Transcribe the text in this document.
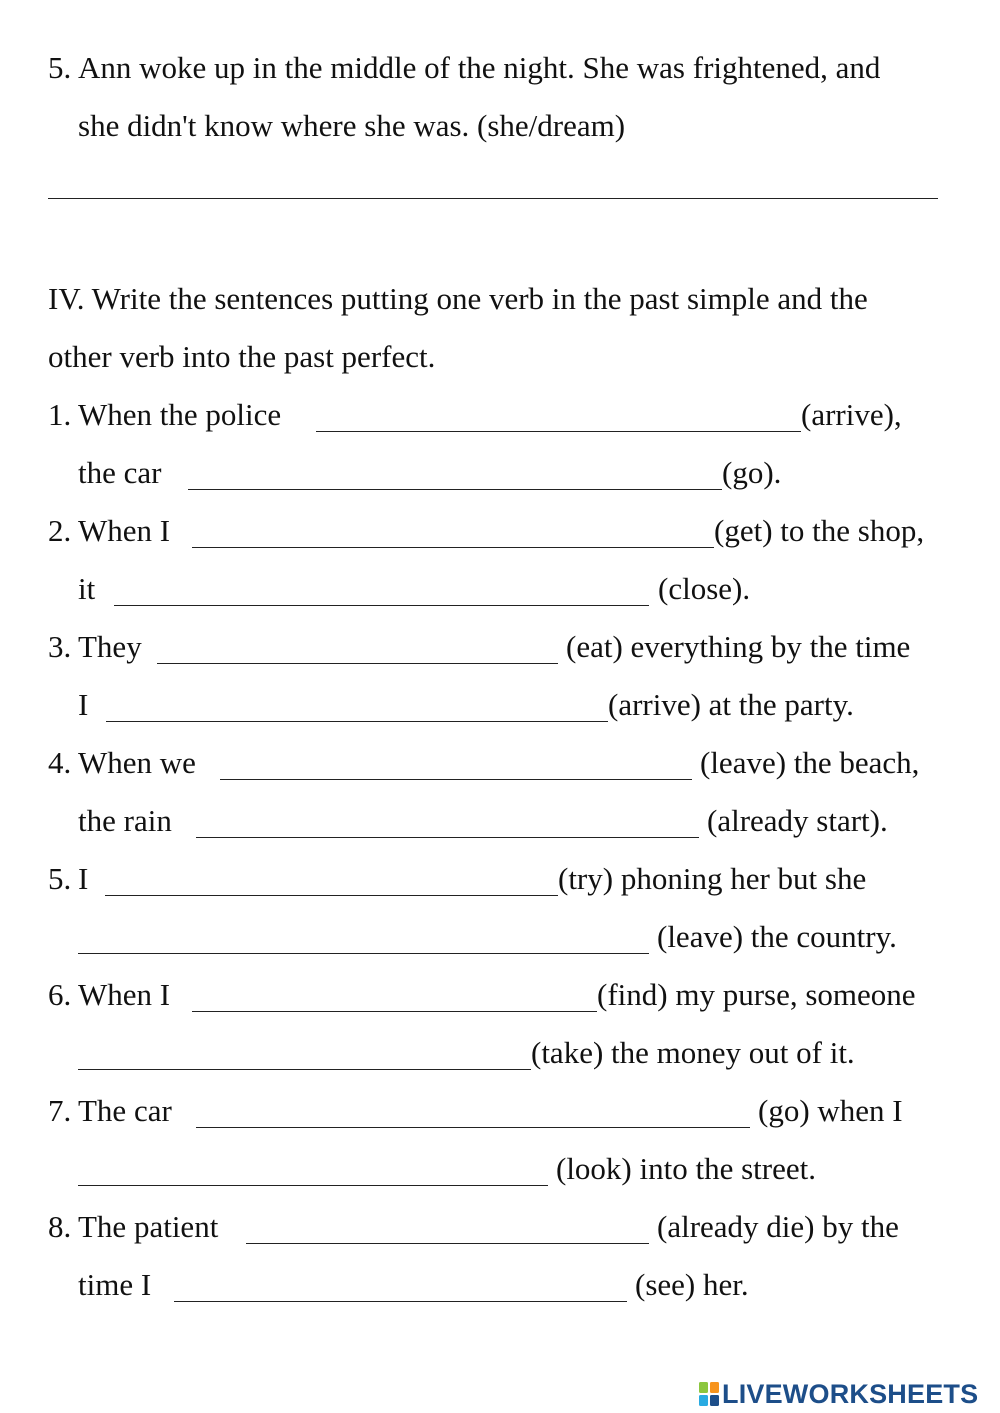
5. Ann woke up in the middle of the night. She was frightened, and
she didn't know where she was. (she/dream)
IV. Write the sentences putting one verb in the past simple and the
other verb into the past perfect.
1. When the police	(arrive),
the car	(go).
2. When I	(get) to the shop,
it	(close).
3. They	(eat) everything by the time
I	(arrive) at the party.
4. When we	(leave) the beach,
the rain	(already start).
5. I	(try) phoning her but she
(leave) the country.
6. When I	(find) my purse, someone
(take) the money out of it.
7. The car	(go) when I
(look) into the street.
8. The patient	(already die) by the
time I	(see) her.
LIVEWORKSHEETS
